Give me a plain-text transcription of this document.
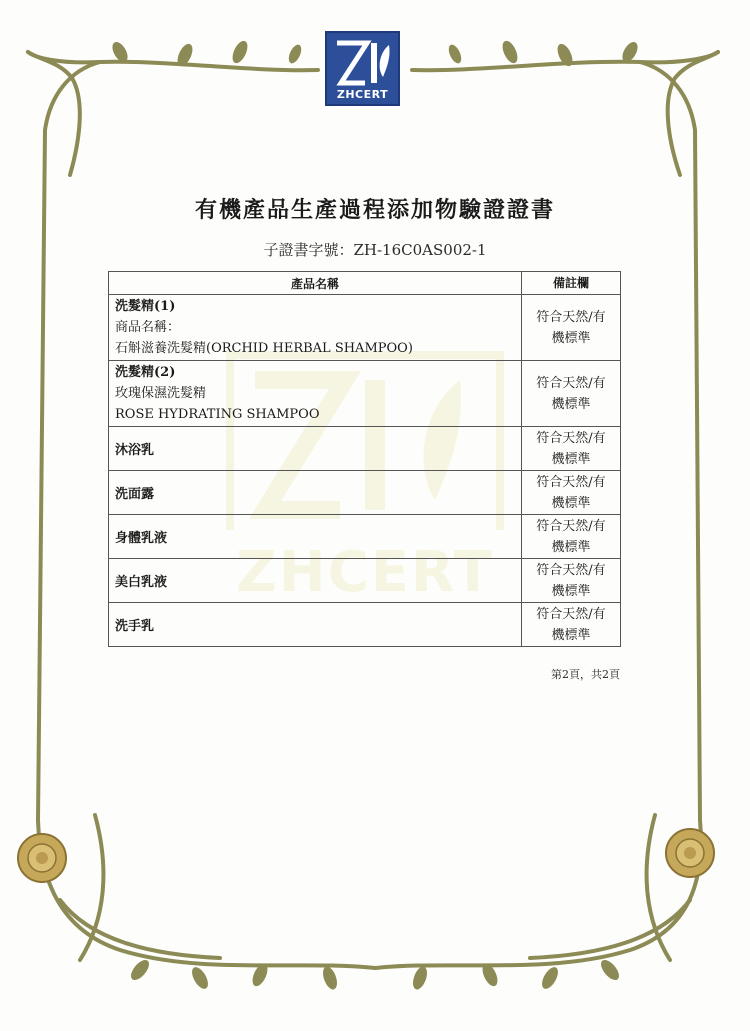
ZHCERT
ZHCERT
有機產品生產過程添加物驗證證書
子證書字號：ZH-16C0AS002-1
產品名稱	備註欄

洗髮精(1)
商品名稱：
石斛滋養洗髮精(ORCHID HERBAL SHAMPOO)	符合天然/有
機標準

洗髮精(2)
玫瑰保濕洗髮精
ROSE HYDRATING SHAMPOO	符合天然/有
機標準

沐浴乳	符合天然/有
機標準

洗面露	符合天然/有
機標準

身體乳液	符合天然/有
機標準

美白乳液	符合天然/有
機標準

洗手乳	符合天然/有
機標準
第2頁，共2頁
